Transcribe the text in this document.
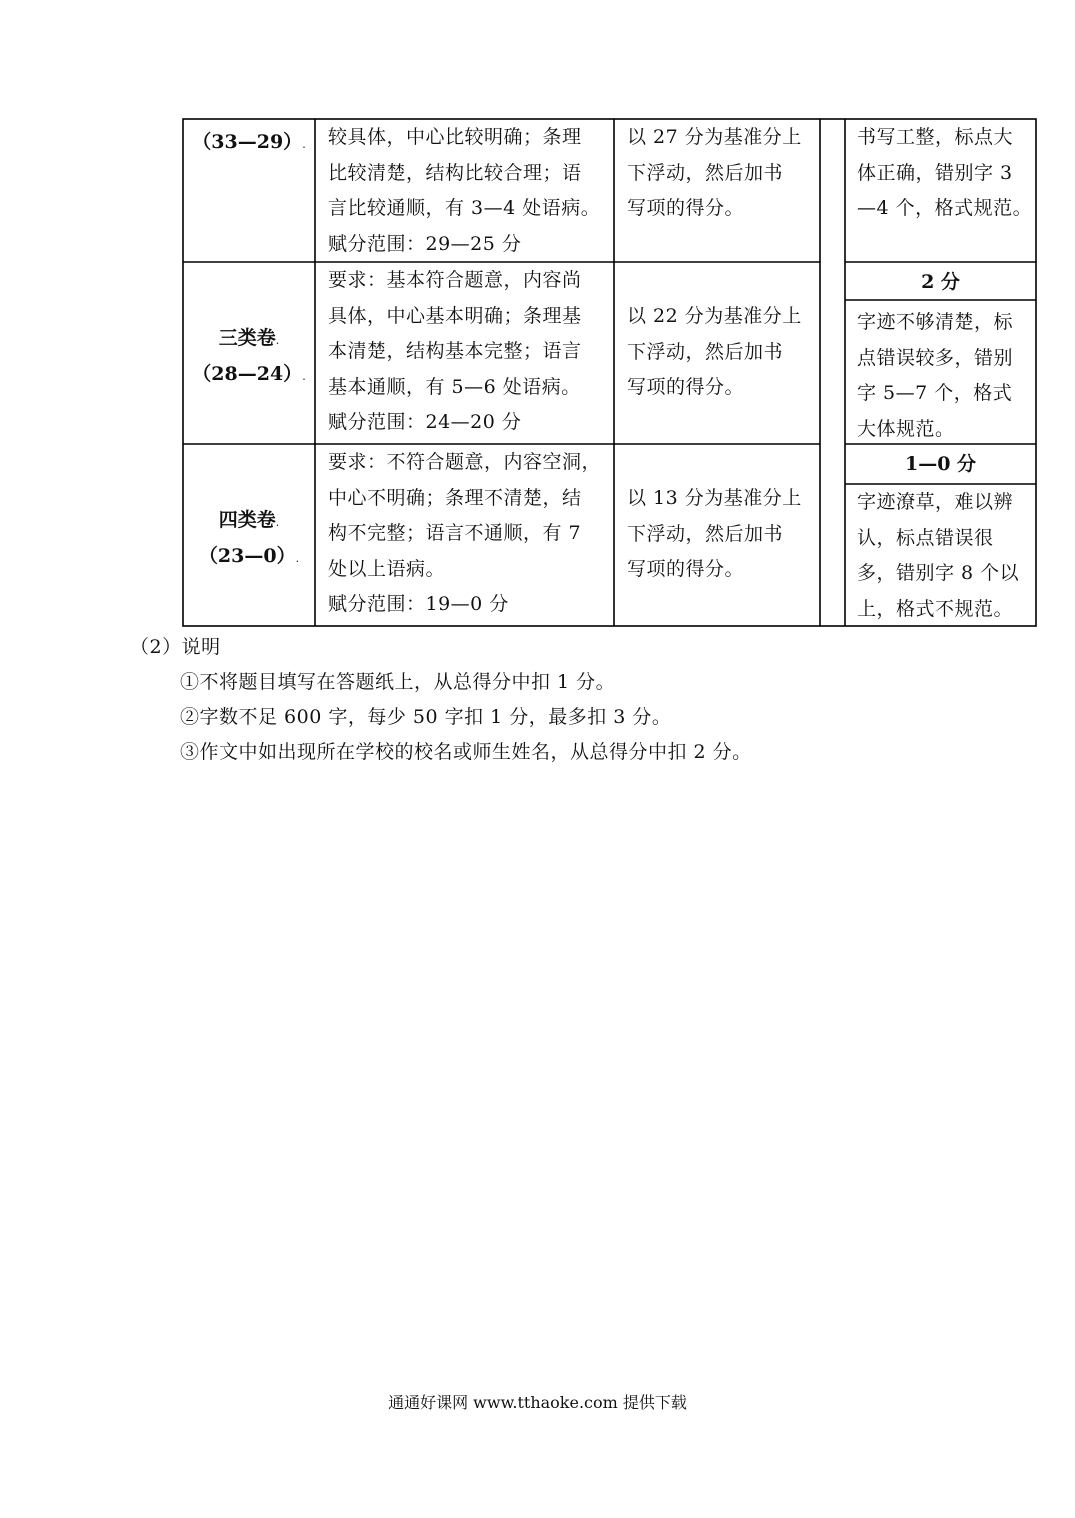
（33—29）.	较具体，中心比较明确；条理
比较清楚，结构比较合理；语
言比较通顺，有 3—4 处语病。
赋分范围：29—25 分
以 27 分为基准分上
下浮动，然后加书
写项的得分。
书写工整，标点大
体正确，错别字 3
—4 个，格式规范。
三类卷.
（28—24）.
要求：基本符合题意，内容尚
具体，中心基本明确；条理基
本清楚，结构基本完整；语言
基本通顺，有 5—6 处语病。
赋分范围：24—20 分
以 22 分为基准分上
下浮动，然后加书
写项的得分。
2 分
字迹不够清楚，标
点错误较多，错别
字 5—7 个，格式
大体规范。
四类卷.
（23—0）.
要求：不符合题意，内容空洞，
中心不明确；条理不清楚，结
构不完整；语言不通顺，有 7
处以上语病。
赋分范围：19—0 分
以 13 分为基准分上
下浮动，然后加书
写项的得分。
1—0 分
字迹潦草，难以辨
认，标点错误很
多，错别字 8 个以
上，格式不规范。
（2）说明
①不将题目填写在答题纸上，从总得分中扣 1 分。
②字数不足 600 字，每少 50 字扣 1 分，最多扣 3 分。
③作文中如出现所在学校的校名或师生姓名，从总得分中扣 2 分。
通通好课网 www.tthaoke.com 提供下载
